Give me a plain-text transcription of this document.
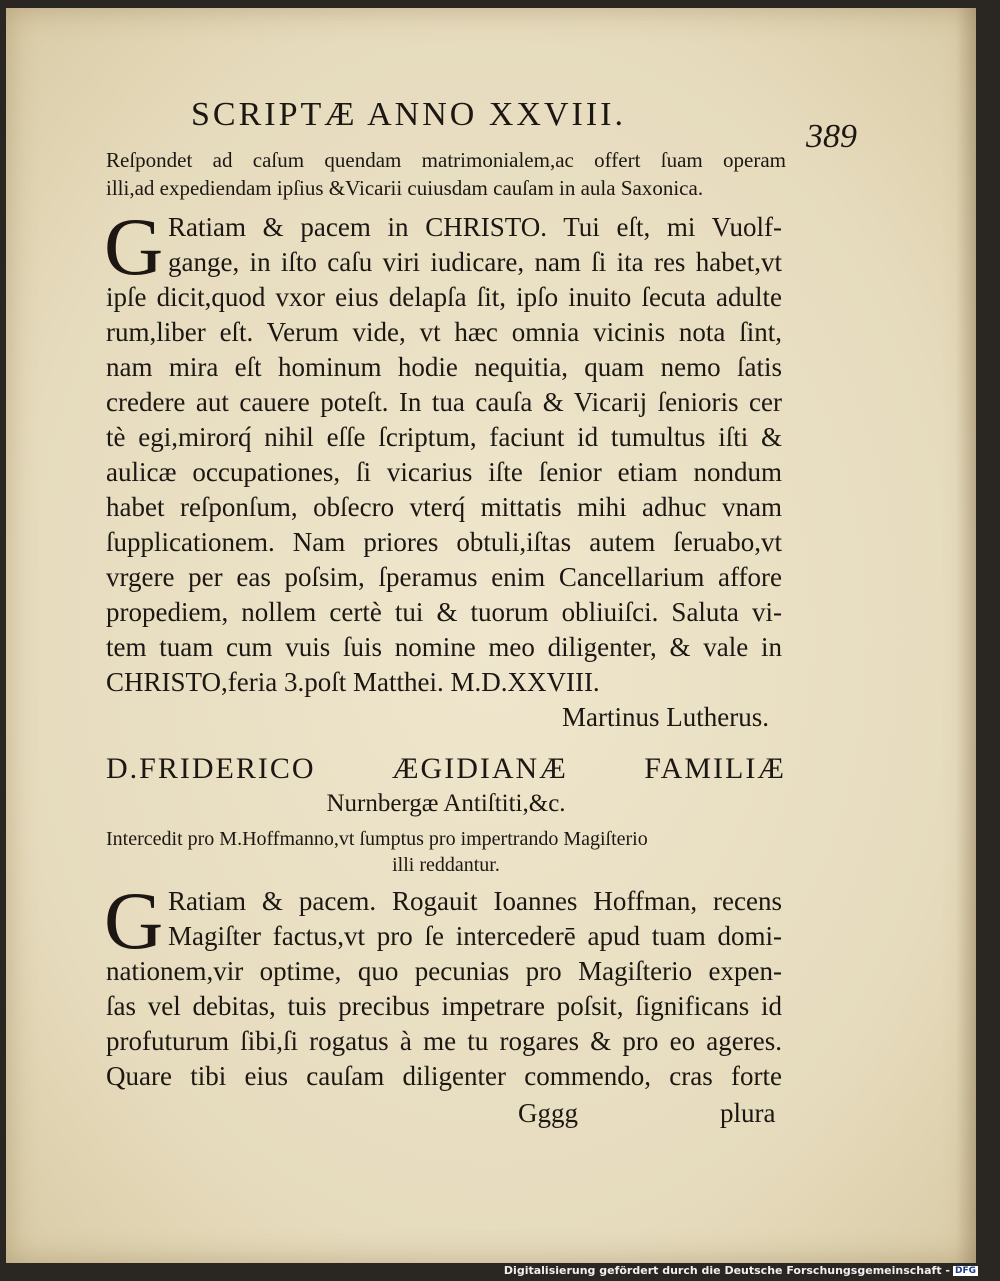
SCRIPTÆ ANNO XXVIII.
389
Reſpondet ad caſum quendam matrimonialem,ac offert ſuam operam
illi,ad expediendam ipſius &Vicarii cuiusdam cauſam in aula Saxonica.
G Ratiam & pacem in CHRISTO. Tui eſt, mi Vuolf-
gange, in iſto caſu viri iudicare, nam ſi ita res habet,vt
ipſe dicit,quod vxor eius delapſa ſit, ipſo inuito ſecuta adulte
rum,liber eſt. Verum vide, vt hæc omnia vicinis nota ſint,
nam mira eſt hominum hodie nequitia, quam nemo ſatis
credere aut cauere poteſt. In tua cauſa & Vicarij ſenioris cer
tè egi,mirorq́ nihil eſſe ſcriptum, faciunt id tumultus iſti &
aulicæ occupationes, ſi vicarius iſte ſenior etiam nondum
habet reſponſum, obſecro vterq́ mittatis mihi adhuc vnam
ſupplicationem. Nam priores obtuli,iſtas autem ſeruabo,vt
vrgere per eas poſsim, ſperamus enim Cancellarium affore
propediem, nollem certè tui & tuorum obliuiſci. Saluta vi-
tem tuam cum vuis ſuis nomine meo diligenter, & vale in
CHRISTO,feria 3.poſt Matthei. M.D.XXVIII.
Martinus Lutherus.
D.FRIDERICO ÆGIDIANÆ FAMILIÆ
Nurnbergæ Antiſtiti,&c.
Intercedit pro M.Hoffmanno,vt ſumptus pro impertrando Magiſterio
illi reddantur.
G Ratiam & pacem. Rogauit Ioannes Hoffman, recens
Magiſter factus,vt pro ſe intercederē apud tuam domi-
nationem,vir optime, quo pecunias pro Magiſterio expen-
ſas vel debitas, tuis precibus impetrare poſsit, ſignificans id
profuturum ſibi,ſi rogatus à me tu rogares & pro eo ageres.
Quare tibi eius cauſam diligenter commendo, cras forte
Gggg	plura
Digitalisierung gefördert durch die Deutsche Forschungsgemeinschaft - DFG
